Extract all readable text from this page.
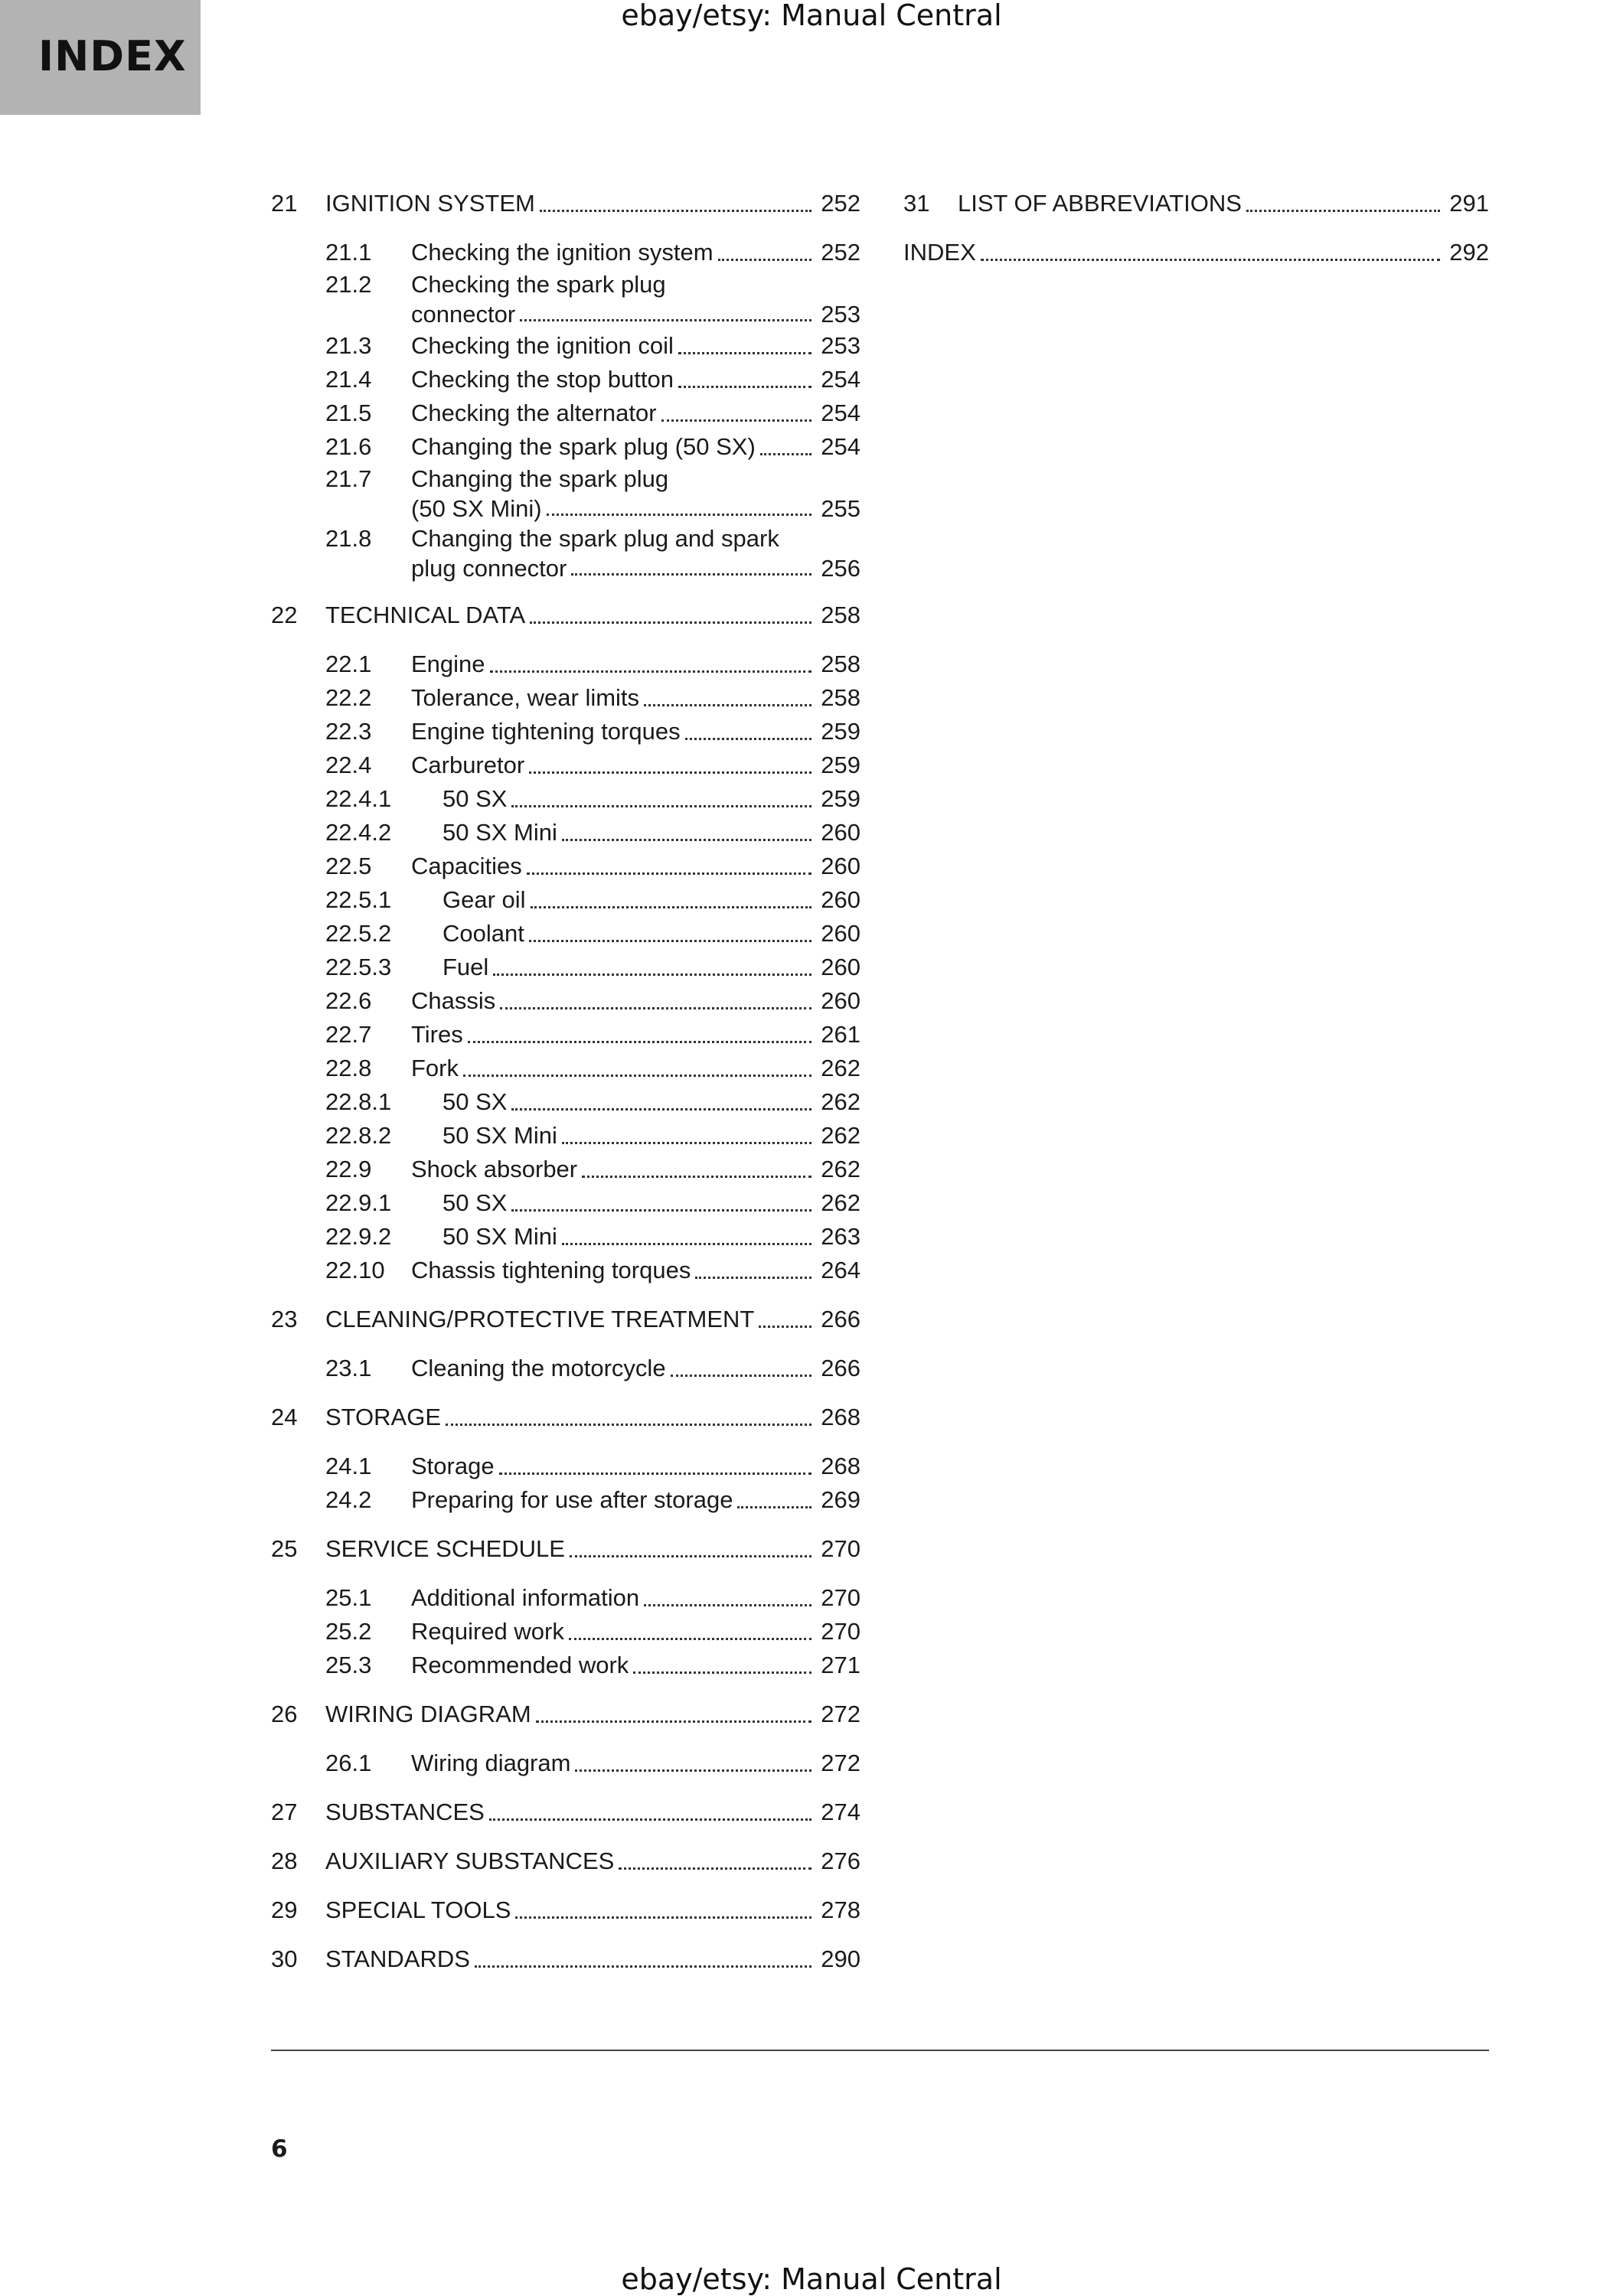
INDEX
ebay/etsy: Manual Central
21	IGNITION SYSTEM	252
21.1	Checking the ignition system	252
21.2	Checking the spark plug
connector	253
21.3	Checking the ignition coil	253
21.4	Checking the stop button	254
21.5	Checking the alternator	254
21.6	Changing the spark plug (50 SX)	254
21.7	Changing the spark plug
(50 SX Mini)	255
21.8	Changing the spark plug and spark
plug connector	256
22	TECHNICAL DATA	258
22.1	Engine	258
22.2	Tolerance, wear limits	258
22.3	Engine tightening torques	259
22.4	Carburetor	259
22.4.1	50 SX	259
22.4.2	50 SX Mini	260
22.5	Capacities	260
22.5.1	Gear oil	260
22.5.2	Coolant	260
22.5.3	Fuel	260
22.6	Chassis	260
22.7	Tires	261
22.8	Fork	262
22.8.1	50 SX	262
22.8.2	50 SX Mini	262
22.9	Shock absorber	262
22.9.1	50 SX	262
22.9.2	50 SX Mini	263
22.10	Chassis tightening torques	264
23	CLEANING/PROTECTIVE TREATMENT	266
23.1	Cleaning the motorcycle	266
24	STORAGE	268
24.1	Storage	268
24.2	Preparing for use after storage	269
25	SERVICE SCHEDULE	270
25.1	Additional information	270
25.2	Required work	270
25.3	Recommended work	271
26	WIRING DIAGRAM	272
26.1	Wiring diagram	272
27	SUBSTANCES	274
28	AUXILIARY SUBSTANCES	276
29	SPECIAL TOOLS	278
30	STANDARDS	290
31	LIST OF ABBREVIATIONS	291
INDEX	292
6
ebay/etsy: Manual Central
